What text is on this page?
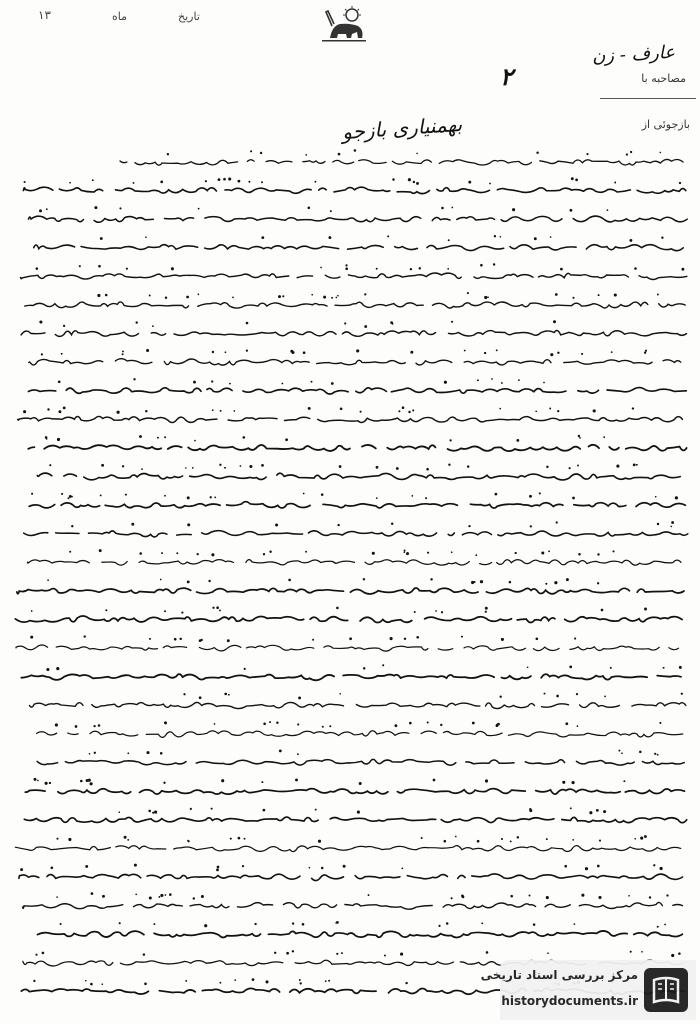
۱۳	ماه	تاریخ
مصاحبه با
بازجوئی از
عارف - زن
۲
بهمنیاری بازجو
مرکز بررسی اسناد تاریخی
historydocuments.ir
